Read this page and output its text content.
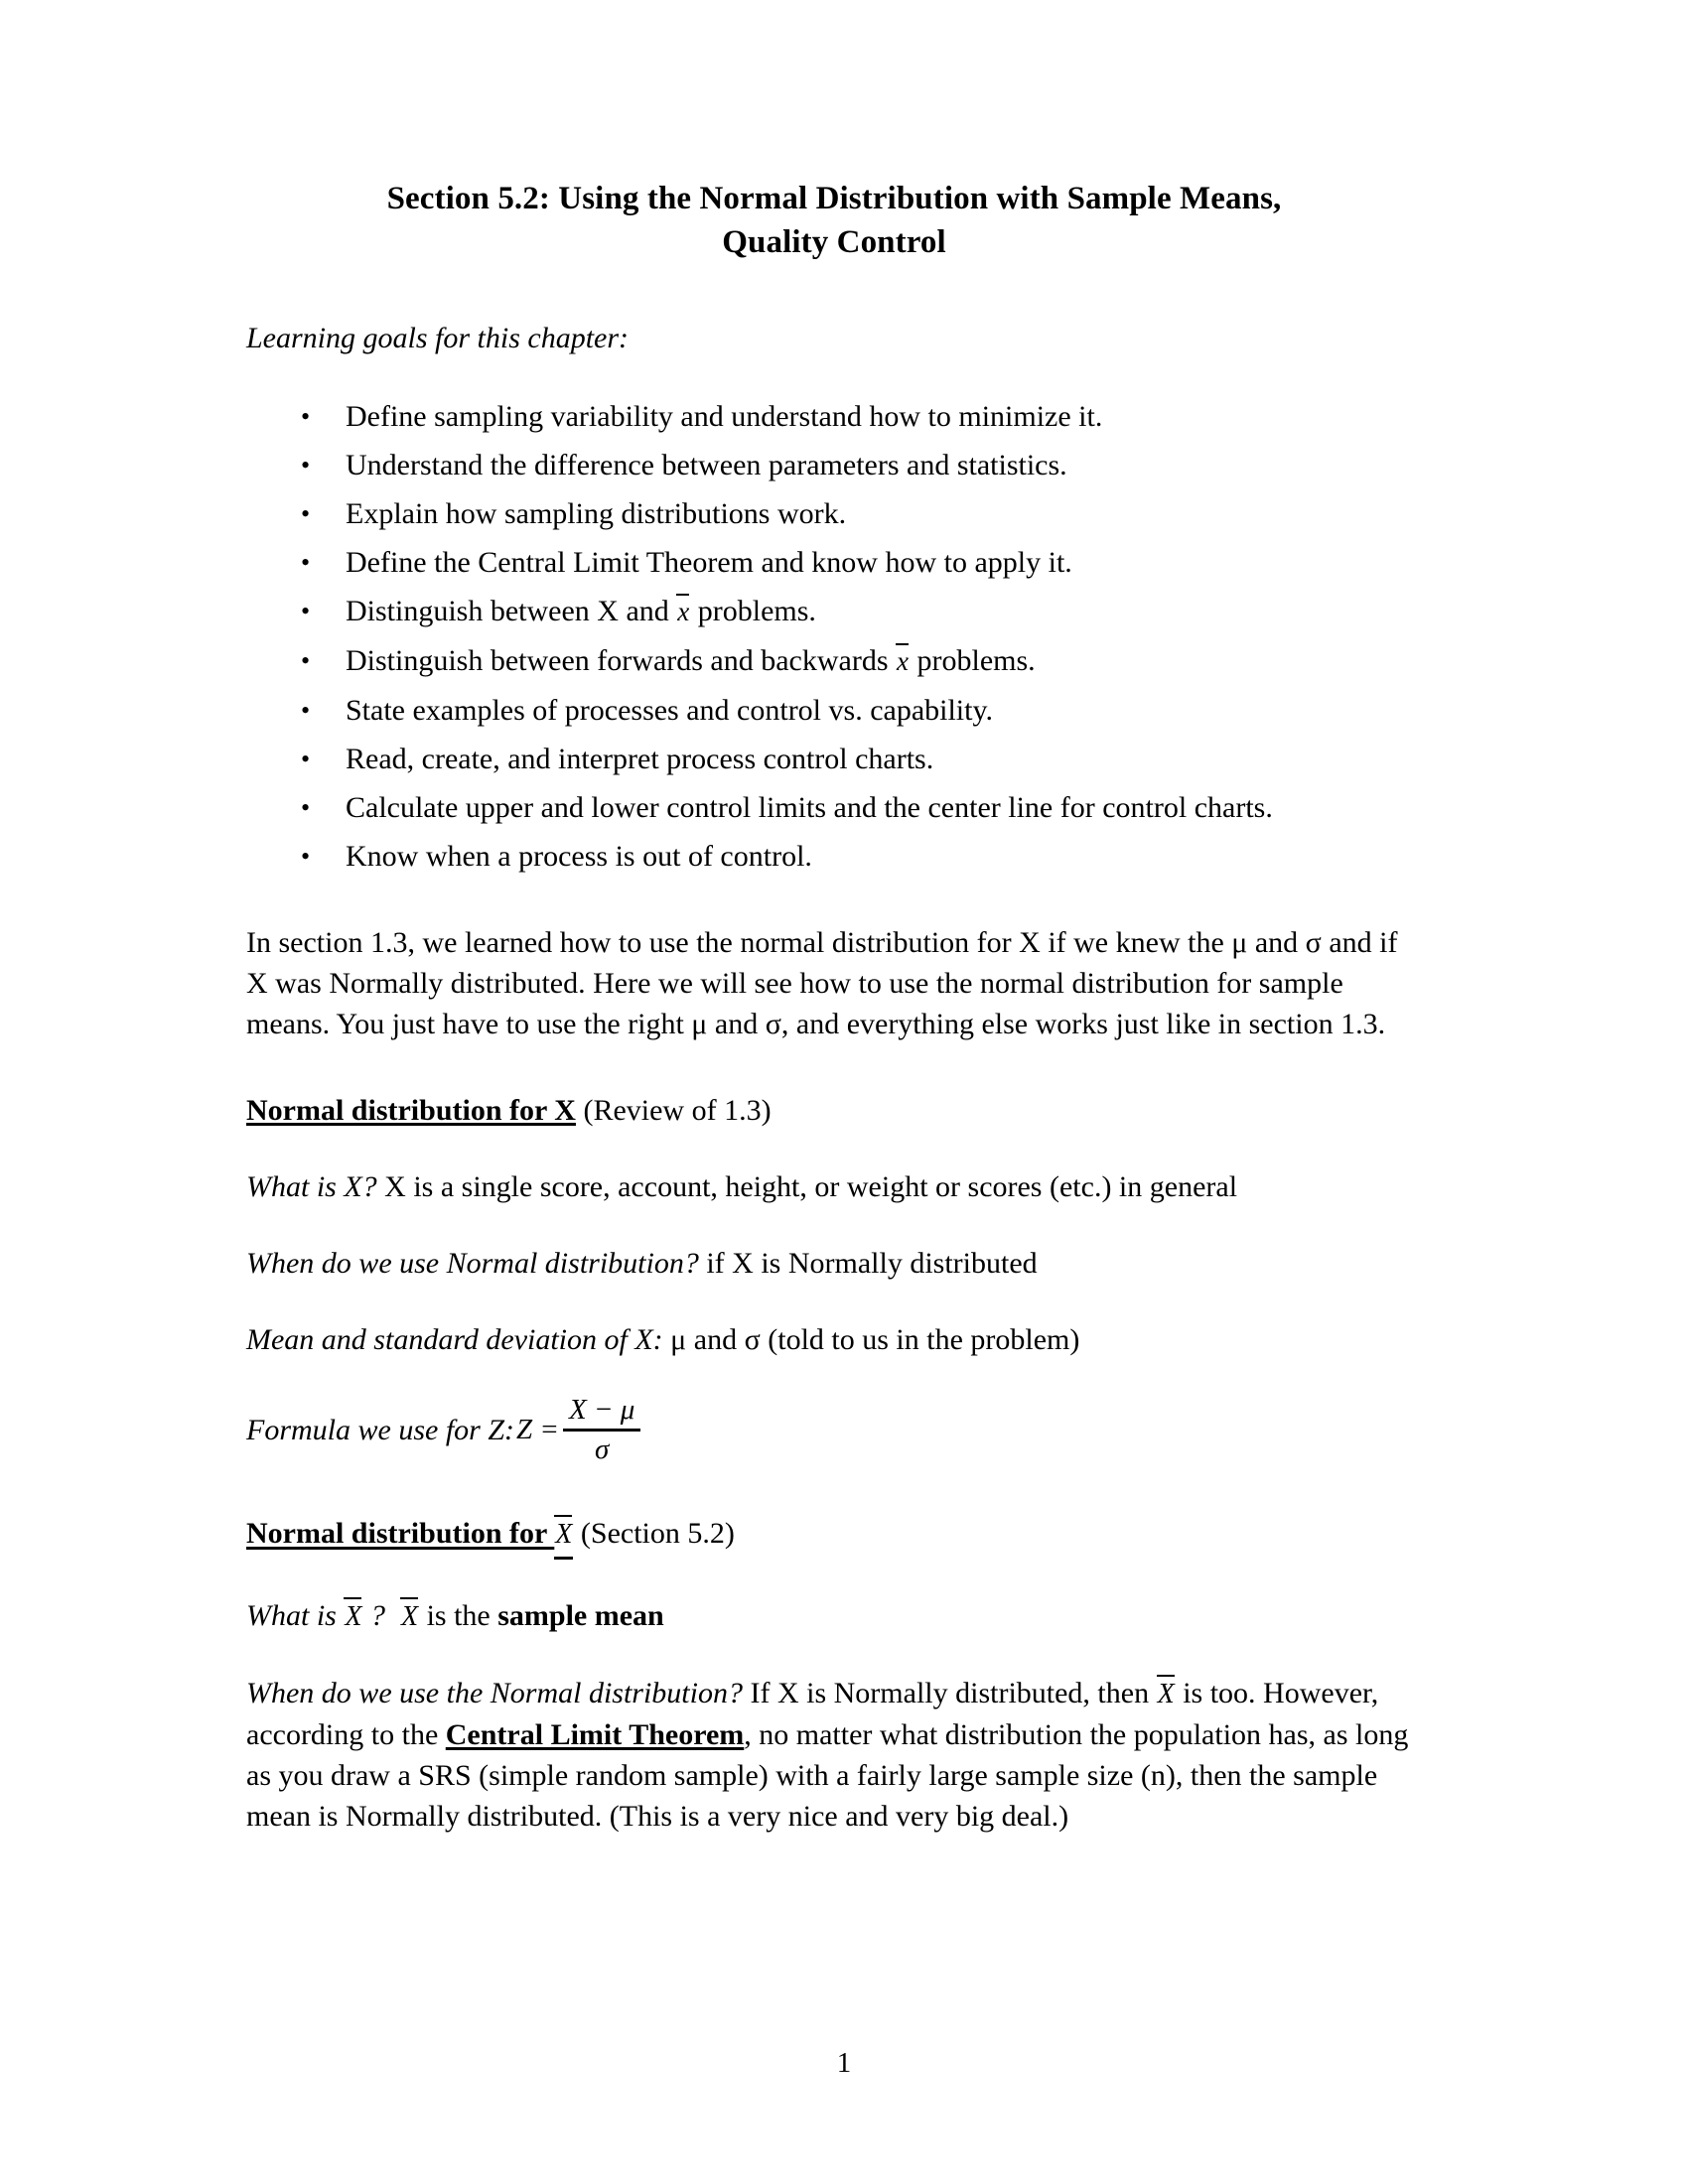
Section 5.2: Using the Normal Distribution with Sample Means,
Quality Control

Learning goals for this chapter:

• Define sampling variability and understand how to minimize it.
• Understand the difference between parameters and statistics.
• Explain how sampling distributions work.
• Define the Central Limit Theorem and know how to apply it.
• Distinguish between X and x problems.
• Distinguish between forwards and backwards x problems.
• State examples of processes and control vs. capability.
• Read, create, and interpret process control charts.
• Calculate upper and lower control limits and the center line for control charts.
• Know when a process is out of control.

In section 1.3, we learned how to use the normal distribution for X if we knew the μ and σ and if X was Normally distributed. Here we will see how to use the normal distribution for sample means. You just have to use the right μ and σ, and everything else works just like in section 1.3.

Normal distribution for X (Review of 1.3)

What is X? X is a single score, account, height, or weight or scores (etc.) in general

When do we use Normal distribution? if X is Normally distributed

Mean and standard deviation of X: μ and σ (told to us in the problem)

Formula we use for Z: $Z = \frac{X - \mu}{\sigma}$

Normal distribution for X (Section 5.2)

What is X ? X is the sample mean

When do we use the Normal distribution? If X is Normally distributed, then X is too. However, according to the Central Limit Theorem, no matter what distribution the population has, as long as you draw a SRS (simple random sample) with a fairly large sample size (n), then the sample mean is Normally distributed. (This is a very nice and very big deal.)

1
